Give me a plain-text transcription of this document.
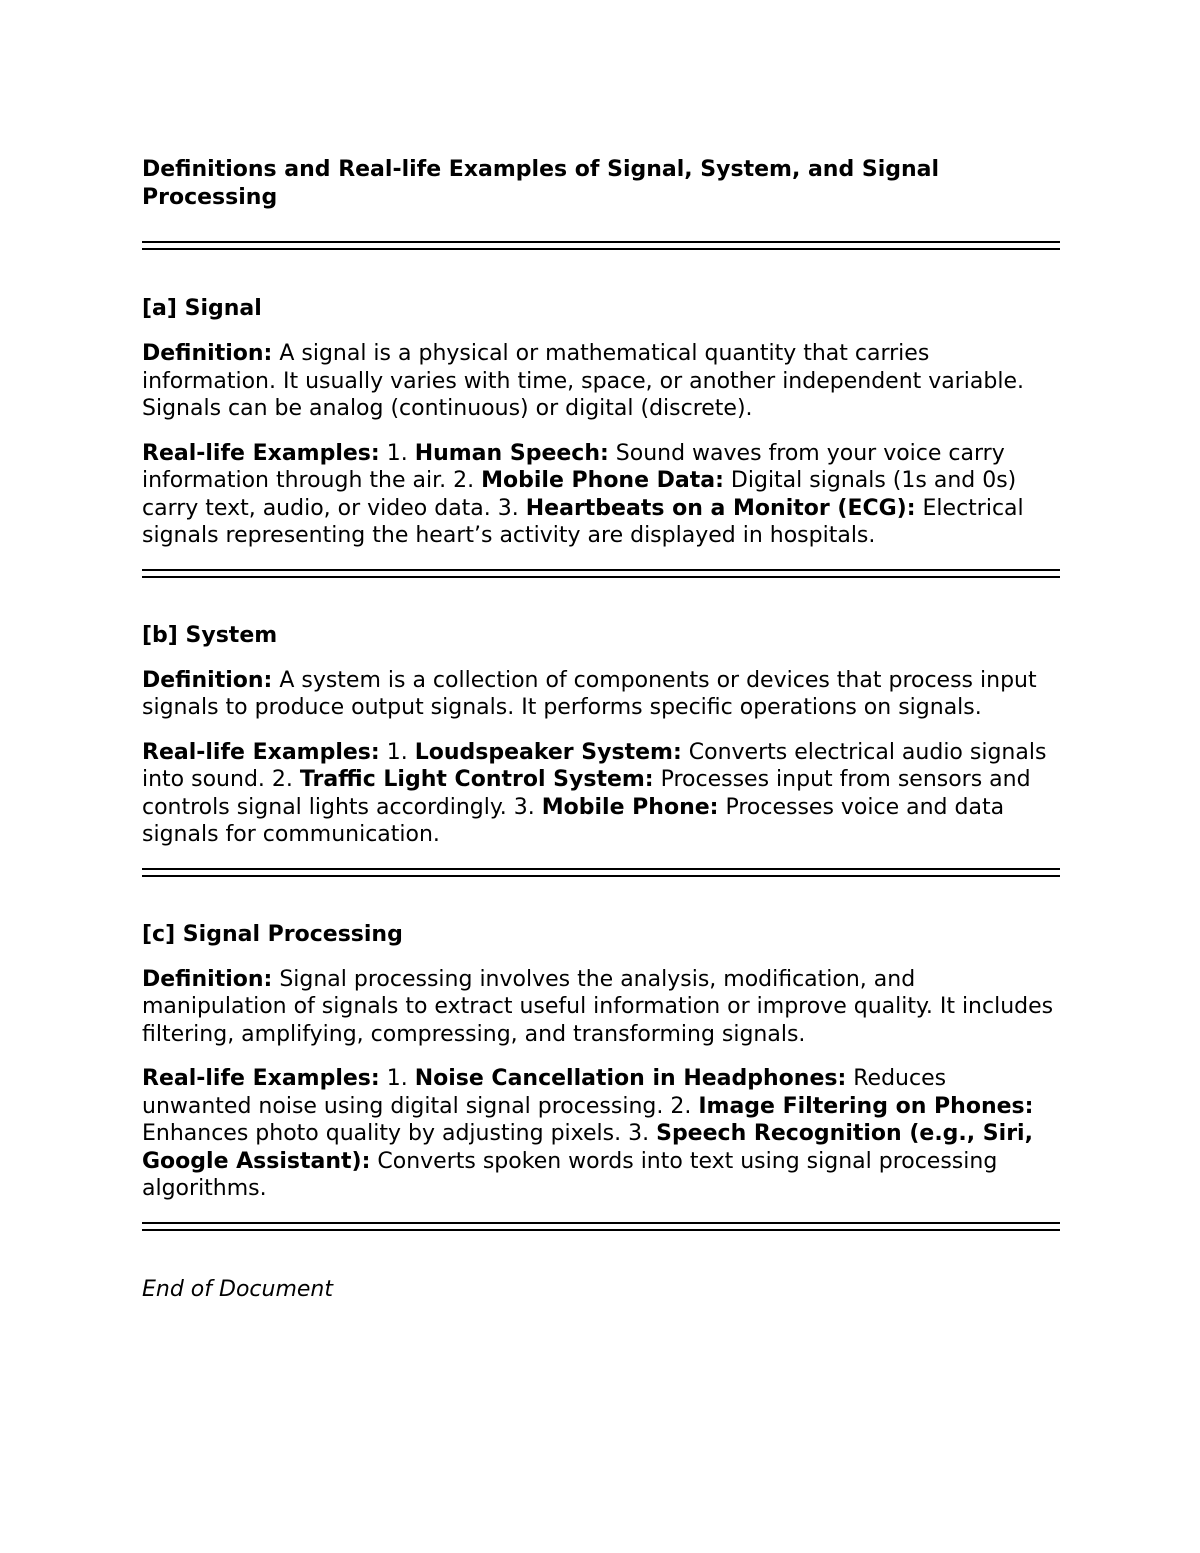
Definitions and Real-life Examples of Signal, System, and Signal Processing
[a] Signal

Definition: A signal is a physical or mathematical quantity that carries information. It usually varies with time, space, or another independent variable. Signals can be analog (continuous) or digital (discrete).

Real-life Examples: 1. Human Speech: Sound waves from your voice carry information through the air. 2. Mobile Phone Data: Digital signals (1s and 0s) carry text, audio, or video data. 3. Heartbeats on a Monitor (ECG): Electrical signals representing the heart’s activity are displayed in hospitals.

[b] System

Definition: A system is a collection of components or devices that process input signals to produce output signals. It performs specific operations on signals.

Real-life Examples: 1. Loudspeaker System: Converts electrical audio signals into sound. 2. Traffic Light Control System: Processes input from sensors and controls signal lights accordingly. 3. Mobile Phone: Processes voice and data signals for communication.

[c] Signal Processing

Definition: Signal processing involves the analysis, modification, and manipulation of signals to extract useful information or improve quality. It includes filtering, amplifying, compressing, and transforming signals.

Real-life Examples: 1. Noise Cancellation in Headphones: Reduces unwanted noise using digital signal processing. 2. Image Filtering on Phones: Enhances photo quality by adjusting pixels. 3. Speech Recognition (e.g., Siri, Google Assistant): Converts spoken words into text using signal processing algorithms.

End of Document
